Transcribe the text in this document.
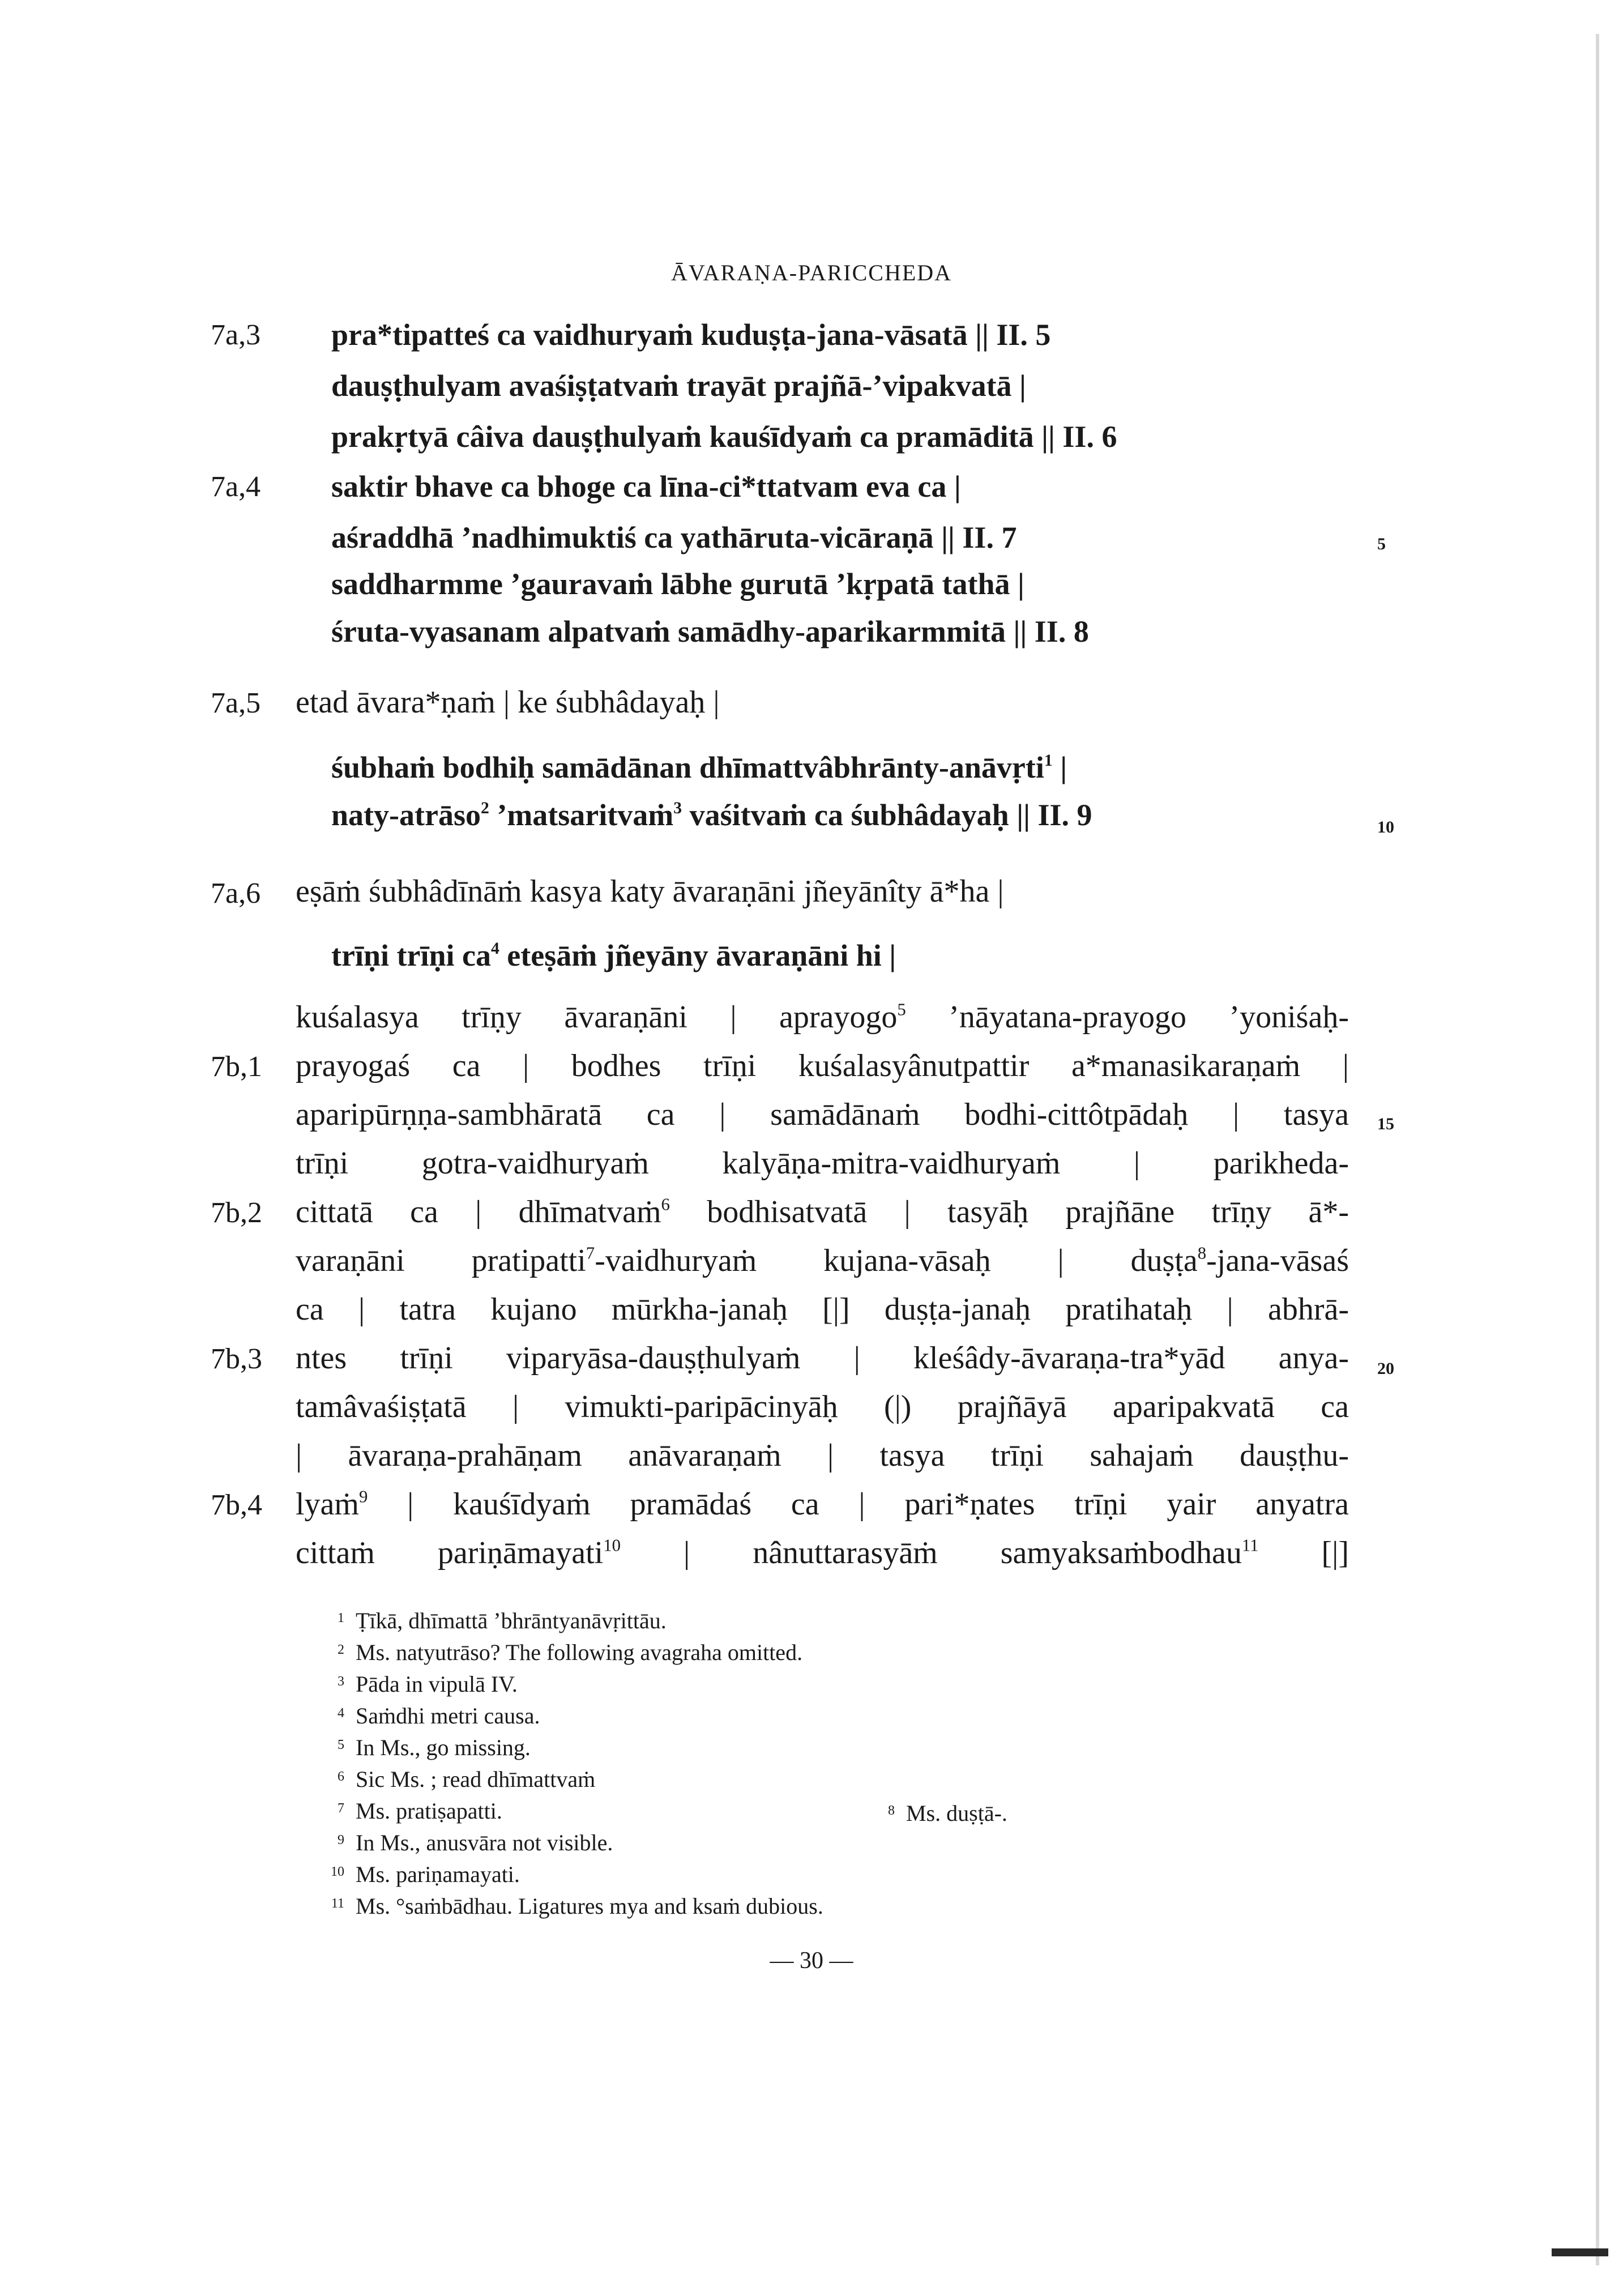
ĀVARAṆA-PARICCHEDA
7a,3 pra*tipatteś ca vaidhuryaṁ kuduṣṭa-jana-vāsatā || II. 5
dauṣṭhulyam avaśiṣṭatvaṁ trayāt prajñā-’vipakvatā |
prakṛtyā câiva dauṣṭhulyaṁ kauśīdyaṁ ca pramāditā || II. 6
7a,4 saktir bhave ca bhoge ca līna-ci*ttatvam eva ca |
aśraddhā ’nadhimuktiś ca yathāruta-vicāraṇā || II. 7	5
saddharmme ’gauravaṁ lābhe gurutā ’kṛpatā tathā |
śruta-vyasanam alpatvaṁ samādhy-aparikarmmitā || II. 8
7a,5 etad āvara*ṇaṁ | ke śubhâdayaḥ |
śubhaṁ bodhiḥ samādānan dhīmattvâbhrānty-anāvṛti$^1$ |
naty-atrāso$^2$ ’matsaritvaṁ$^3$ vaśitvaṁ ca śubhâdayaḥ || II. 9	10
7a,6 eṣāṁ śubhâdīnāṁ kasya katy āvaraṇāni jñeyānîty ā*ha |
trīṇi trīṇi $ca^4$ eteṣāṁ jñeyāny āvaraṇāni hi |
kuśalasya trīṇy āvaraṇāni | aprayogo$^5$ ’nāyatana-prayogo ’yoniśaḥ-
7b,1 prayogaś ca | bodhes trīṇi kuśalasyânutpattir a*manasikaraṇaṁ |
aparipūrṇṇa-sambhāratā ca | samādānaṁ bodhi-cittôtpādaḥ | tasya 15
trīṇi gotra-vaidhuryaṁ kalyāṇa-mitra-vaidhuryaṁ | parikheda-
7b,2 cittatā ca | dhīmatvaṁ$^6$ bodhisatvatā | tasyāḥ prajñāne trīṇy ā*-
varaṇāni pratipatti$^7$-vaidhuryaṁ kujana-vāsaḥ | duṣṭa$^8$-jana-vāsaś
ca | tatra kujano mūrkha-janaḥ [|] duṣṭa-janaḥ pratihataḥ | abhrā-
7b,3 ntes trīṇi viparyāsa-dauṣṭhulyaṁ | kleśâdy-āvaraṇa-tra*yād anya- 20
tamâvaśiṣṭatā | vimukti-paripācinyāḥ (|) prajñāyā aparipakvatā ca
| āvaraṇa-prahāṇam anāvaraṇaṁ | tasya trīṇi sahajaṁ dauṣṭhu-
7b,4 lyaṁ$^9$ | kauśīdyaṁ pramādaś ca | pari*ṇates trīṇi yair anyatra
cittaṁ pariṇāmayati$^{10}$ | nânuttarasyāṁ samyaksaṁbodhau$^{11}$ [|]
1 Ṭīkā, dhīmattā ’bhrāntyanāvṛittāu.
2 Ms. natyutrāso? The following avagraha omitted.
3 Pāda in vipulā IV.
4 Saṁdhi metri causa.
5 In Ms., go missing.
6 Sic Ms. ; read dhīmattvaṁ
7 Ms. pratiṣapatti.	8 Ms. duṣṭā-.
9 In Ms., anusvāra not visible.
10 Ms. pariṇamayati.
11 Ms. °saṁbādhau. Ligatures mya and ksaṁ dubious.
— 30 —
